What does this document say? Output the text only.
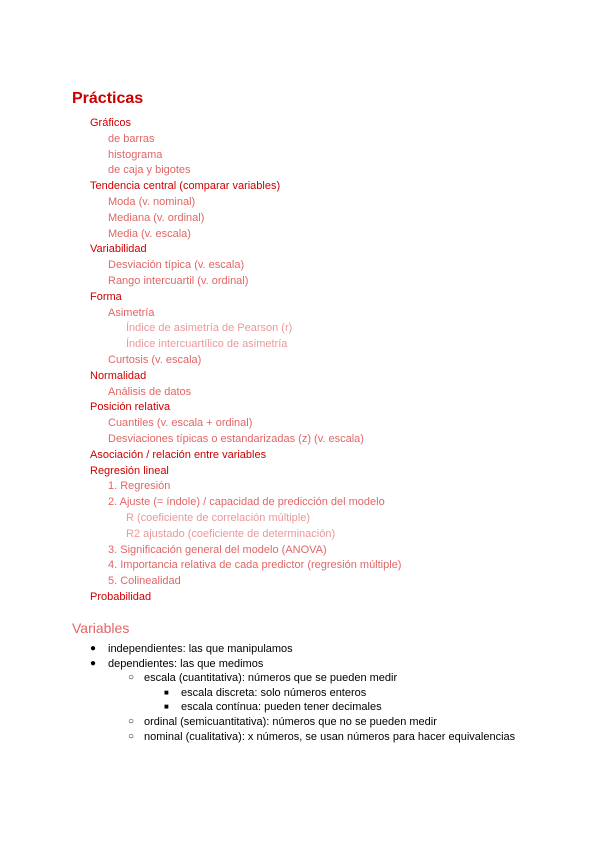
Prácticas
Gráficos
de barras
histograma
de caja y bigotes
Tendencia central (comparar variables)
Moda (v. nominal)
Mediana (v. ordinal)
Media (v. escala)
Variabilidad
Desviación típica (v. escala)
Rango intercuartil (v. ordinal)
Forma
Asimetría
Índice de asimetría de Pearson (r)
Índice intercuartílico de asimetría
Curtosis (v. escala)
Normalidad
Análisis de datos
Posición relativa
Cuantiles (v. escala + ordinal)
Desviaciones típicas o estandarizadas (z) (v. escala)
Asociación / relación entre variables
Regresión lineal
1. Regresión
2. Ajuste (= índole) / capacidad de predicción del modelo
R (coeficiente de correlación múltiple)
R2 ajustado (coeficiente de determinación)
3. Significación general del modelo (ANOVA)
4. Importancia relativa de cada predictor (regresión múltiple)
5. Colinealidad
Probabilidad
Variables
● independientes: las que manipulamos
● dependientes: las que medimos
○ escala (cuantitativa): números que se pueden medir
■ escala discreta: solo números enteros
■ escala contínua: pueden tener decimales
○ ordinal (semicuantitativa): números que no se pueden medir
○ nominal (cualitativa): x números, se usan números para hacer equivalencias
